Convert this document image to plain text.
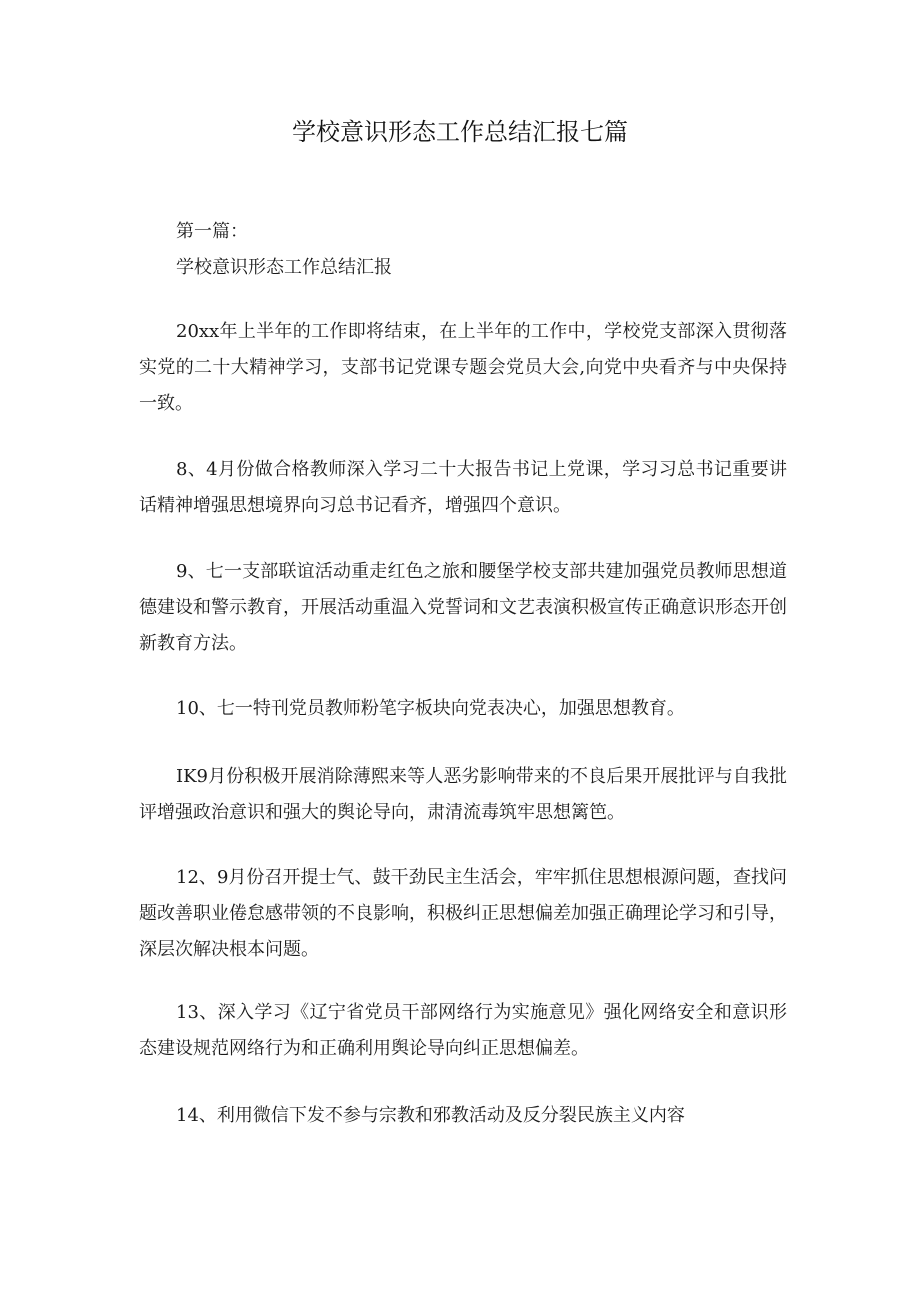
学校意识形态工作总结汇报七篇

第一篇：

学校意识形态工作总结汇报

20xx年上半年的工作即将结束，在上半年的工作中，学校党支部深入贯彻落实党的二十大精神学习，支部书记党课专题会党员大会,向党中央看齐与中央保持一致。

8、4月份做合格教师深入学习二十大报告书记上党课，学习习总书记重要讲话精神增强思想境界向习总书记看齐，增强四个意识。

9、七一支部联谊活动重走红色之旅和腰堡学校支部共建加强党员教师思想道德建设和警示教育，开展活动重温入党誓词和文艺表演积极宣传正确意识形态开创新教育方法。

10、七一特刊党员教师粉笔字板块向党表决心，加强思想教育。

IK9月份积极开展消除薄熙来等人恶劣影响带来的不良后果开展批评与自我批评增强政治意识和强大的舆论导向，肃清流毒筑牢思想篱笆。

12、9月份召开提士气、鼓干劲民主生活会，牢牢抓住思想根源问题，查找问题改善职业倦怠感带领的不良影响，积极纠正思想偏差加强正确理论学习和引导，深层次解决根本问题。

13、深入学习《辽宁省党员干部网络行为实施意见》强化网络安全和意识形态建设规范网络行为和正确利用舆论导向纠正思想偏差。

14、利用微信下发不参与宗教和邪教活动及反分裂民族主义内容
